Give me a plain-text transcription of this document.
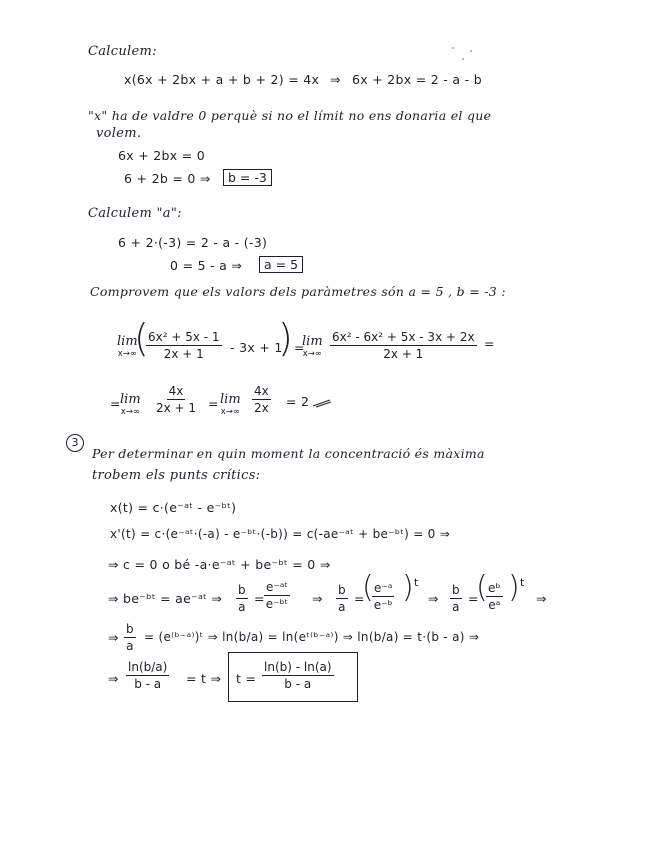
Calculem:
x(6x + 2bx + a + b + 2) = 4x ⇒ 6x + 2bx = 2 - a - b
"x" ha de valdre 0 perquè si no el límit no ens donaria el que
volem.
6x + 2bx = 0
6 + 2b = 0 ⇒	b = -3
Calculem "a":
6 + 2·(-3) = 2 - a - (-3)
0 = 5 - a ⇒	a = 5
Comprovem que els valors dels paràmetres són a = 5 , b = -3 :
lim
x→∞
(
$\frac{\text{6x² + 5x - 1}}{2x + 1} - 3x + 1$
) =
lim
$x\to\infty \frac{\text{6x² - 6x² + 5x - 3x + 2x}}{2x + 1}$ =
= lim
$x\to\infty \frac{4x}{2x + 1} = \lim$
$x\to\infty \frac{4x}{2x} = 2$
3
Per determinar en quin moment la concentració és màxima
trobem els punts crítics:
x(t) = c·(e⁻ᵃᵗ - e⁻ᵇᵗ)
x'(t) = c·(e⁻ᵃᵗ·(-a) - e⁻ᵇᵗ·(-b)) = c(-ae⁻ᵃᵗ + be⁻ᵇᵗ) = 0 ⇒
⇒ c = 0 o bé -a·e⁻ᵃᵗ + be⁻ᵇᵗ = 0 ⇒
⇒ be⁻ᵇᵗ = ae⁻ᵃᵗ ⇒ $\frac{b}{a} = \frac{\text{e⁻ᵃᵗ}}{\text{e⁻ᵇᵗ}}$ ⇒ $\frac{b}{a}$ =
(
$\frac{\text{e⁻ᵃ}}{\text{e⁻ᵇ}}$ ) t
⇒ $\frac{b}{a}$ =
(
$\frac{\text{eᵇ}}{\text{eᵃ}}$ ) t
⇒
⇒ $\frac{b}{a}$ = (e⁽ᵇ⁻ᵃ⁾)ᵗ ⇒ ln(b/a) = ln(eᵗ⁽ᵇ⁻ᵃ⁾) ⇒ ln(b/a) = t·(b - a) ⇒
⇒ $\frac{\ln(b/a)}{b - a} = t$ ⇒ $t = \frac{\ln(b) - \ln(a)}{b - a}$
